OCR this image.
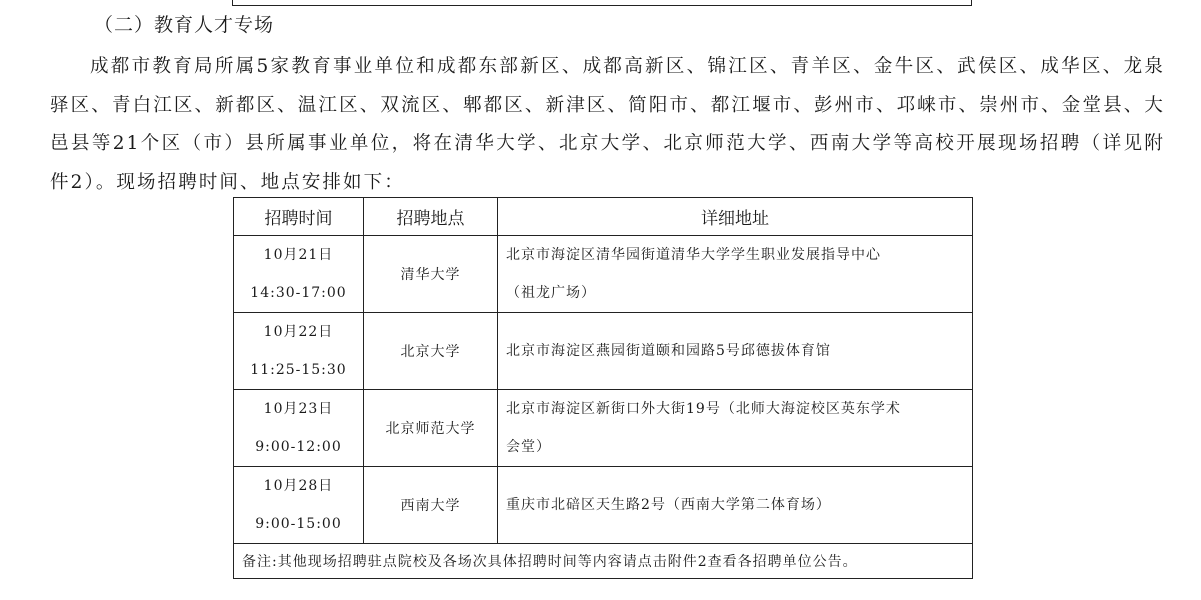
（二）教育人才专场

成都市教育局所属5家教育事业单位和成都东部新区、成都高新区、锦江区、青羊区、金牛区、武侯区、成华区、龙泉驿区、青白江区、新都区、温江区、双流区、郫都区、新津区、简阳市、都江堰市、彭州市、邛崃市、崇州市、金堂县、大邑县等21个区（市）县所属事业单位，将在清华大学、北京大学、北京师范大学、西南大学等高校开展现场招聘（详见附件2）。现场招聘时间、地点安排如下：

招聘时间	招聘地点	详细地址

10月21日
14:30-17:00	清华大学	北京市海淀区清华园街道清华大学学生职业发展指导中心
（祖龙广场）

10月22日
11:25-15:30	北京大学	北京市海淀区燕园街道颐和园路5号邱德拔体育馆

10月23日
9:00-12:00	北京师范大学	北京市海淀区新街口外大街19号（北师大海淀校区英东学术
会堂）

10月28日
9:00-15:00	西南大学	重庆市北碚区天生路2号（西南大学第二体育场）
备注:其他现场招聘驻点院校及各场次具体招聘时间等内容请点击附件2查看各招聘单位公告。		
